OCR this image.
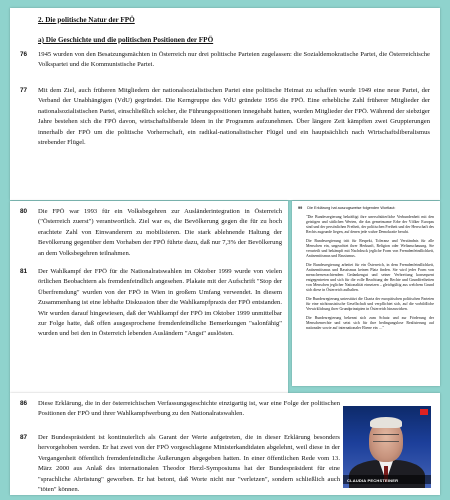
2. Die politische Natur der FPÖ
a) Die Geschichte und die politischen Positionen der FPÖ
76 1945 wurden von den Besatzungsmächten in Österreich nur drei politische Parteien zugelassen: die Sozialdemokratische Partei, die Österreichische Volkspartei und die Kommunistische Partei.
77 Mit dem Ziel, auch früheren Mitgliedern der nationalsozialistischen Partei eine politische Heimat zu schaffen wurde 1949 eine neue Partei, der Verband der Unabhängigen (VdU) gegründet. Die Kerngruppe des VdU gründete 1956 die FPÖ. Eine erhebliche Zahl früherer Mitglieder der nationalsozialistischen Partei, einschließlich solcher, die Führungspositionen innegehabt hatten, wurden Mitglieder der FPÖ. Während der siebziger Jahre bestehen sich die FPÖ davon, wirtschaftsliberale Ideen in ihr Programm aufzunehmen. Über längere Zeit kämpften zwei Gruppierungen innerhalb der FPÖ um die politische Vorherrschaft, ein radikal-nationalistischer Flügel und ein hauptsächlich nach Wirtschaftsliberalismus strebender Flügel.
80 Die FPÖ war 1993 für ein Volksbegehren zur Ausländerintegration in Österreich ("Österreich zuerst") verantwortlich. Ziel war es, die Bevölkerung gegen die für zu hoch erachtete Zahl von Einwanderern zu mobilisieren. Die stark ablehnende Haltung der Bevölkerung gegenüber dem Vorhaben der FPÖ führte dazu, daß nur 7,3% der Bevölkerung an dem Volksbegehren teilnahmen.
81 Der Wahlkampf der FPÖ für die Nationalratswahlen im Oktober 1999 wurde von vielen örtlichen Beobachtern als fremdenfeindlich angesehen. Plakate mit der Aufschrift "Stop der Überfremdung" wurden von der FPÖ in Wien in großem Umfang verwendet. In diesem Zusammenhang ist eine lebhafte Diskussion über die Wahlkampfpraxis der FPÖ entstanden. Wir wurden darauf hingewiesen, daß der Wahlkampf der FPÖ im Oktober 1999 unmittelbar zur Folge hatte, daß offen ausgesprochene fremdenfeindliche Bemerkungen "salonfähig" wurden und bei den in Österreich lebenden Ausländern "Angst" auslösten.
99 Die Erklärung hat auszugsweise folgenden Wortlaut:

"Die Bundesregierung bekräftigt ihre unerschütterliche Verbundenheit mit den geistigen und sittlichen Werten, die das gemeinsame Erbe der Völker Europas sind und der persönlichen Freiheit, der politischen Freiheit und der Herrschaft des Rechts zugrunde liegen, auf denen jede wahre Demokratie beruht.

Die Bundesregierung tritt für Respekt, Toleranz und Verständnis für alle Menschen ein, ungeachtet ihrer Herkunft, Religion oder Weltanschauung. Sie verurteilt und bekämpft mit Nachdruck jegliche Form von Fremdenfeindlichkeit, Antisemitismus und Rassismus.

Die Bundesregierung arbeitet für ein Österreich, in dem Fremdenfeindlichkeit, Antisemitismus und Rassismus keinen Platz finden. Sie wird jeder Form von menschenverachtendem Gedankengut und seiner Verbreitung konsequent entgegentreten und sich für die volle Beachtung der Rechte und Grundfreiheiten von Menschen jeglicher Nationalität einsetzen – gleichgültig aus welchem Grund sich diese in Österreich aufhalten.

Die Bundesregierung unterstützt die Charta der europäischen politischen Parteien für eine nichtrassistische Gesellschaft und verpflichtet sich, auf die vorbildliche Verwirklichung ihrer Grundprinzipien in Österreich hinzuwirken.

Die Bundesregierung bekennt sich zum Schutz und zur Förderung der Menschenrechte und setzt sich für ihre bedingungslose Realisierung auf nationaler sowie auf internationaler Ebene ein …"

86 Diese Erklärung, die in der österreichischen Verfassungsgeschichte einzigartig ist, war eine Folge der politischen Positionen der FPÖ und ihrer Wahlkampfwerbung zu den Nationalratswahlen.
87 Der Bundespräsident ist kontinuierlich als Garant der Werte aufgetreten, die in dieser Erklärung besonders hervorgehoben werden. Er hat zwei von der FPÖ vorgeschlagene Ministerkandidaten abgelehnt, weil diese in der Vergangenheit öffentlich fremdenfeindliche Äußerungen abgegeben hatten. In einer öffentlichen Rede vom 13. März 2000 aus Anlaß des internationalen Theodor Herzl-Symposiums hat der Bundespräsident für eine "sprachliche Abrüstung" geworben. Er hat betont, daß Worte nicht nur "verletzen", sondern schließlich auch "töten" können.
CLAUDIA PECHSTEINER
